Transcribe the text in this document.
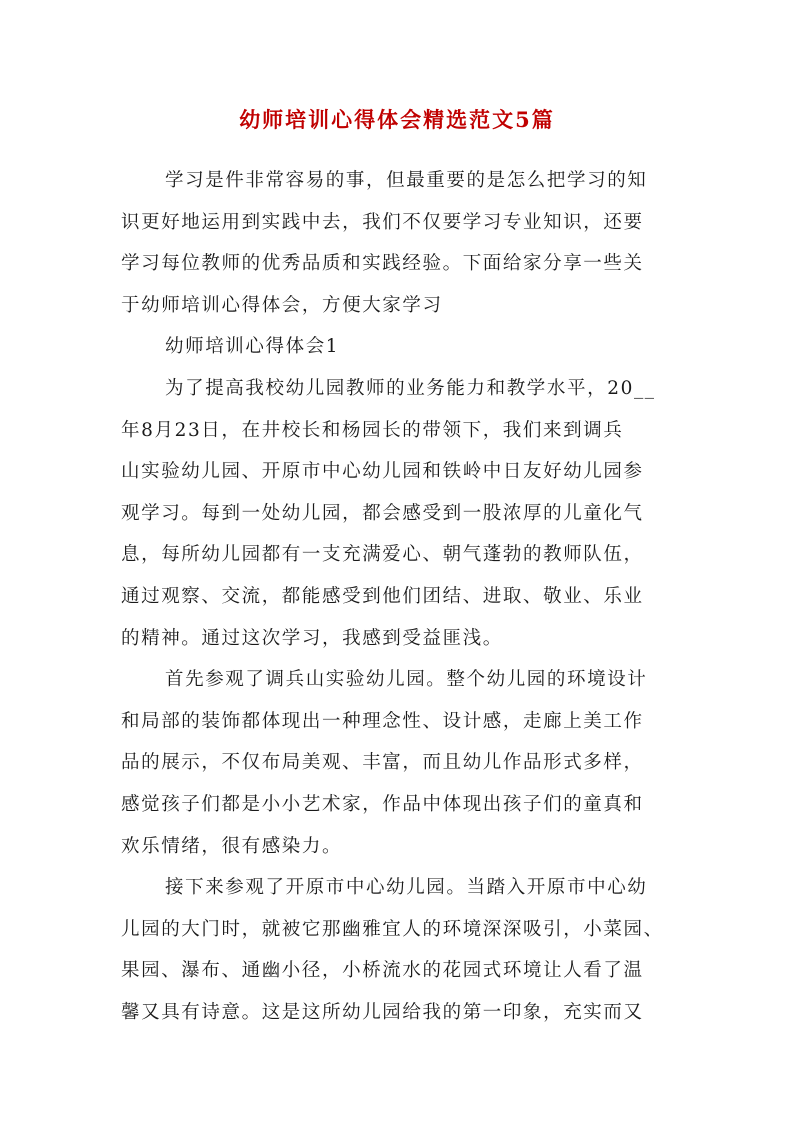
幼师培训心得体会精选范文5篇
学习是件非常容易的事，但最重要的是怎么把学习的知
识更好地运用到实践中去，我们不仅要学习专业知识，还要
学习每位教师的优秀品质和实践经验。下面给家分享一些关
于幼师培训心得体会，方便大家学习
幼师培训心得体会1
为了提高我校幼儿园教师的业务能力和教学水平，20__
年8月23日，在井校长和杨园长的带领下，我们来到调兵
山实验幼儿园、开原市中心幼儿园和铁岭中日友好幼儿园参
观学习。每到一处幼儿园，都会感受到一股浓厚的儿童化气
息，每所幼儿园都有一支充满爱心、朝气蓬勃的教师队伍，
通过观察、交流，都能感受到他们团结、进取、敬业、乐业
的精神。通过这次学习，我感到受益匪浅。
首先参观了调兵山实验幼儿园。整个幼儿园的环境设计
和局部的装饰都体现出一种理念性、设计感，走廊上美工作
品的展示，不仅布局美观、丰富，而且幼儿作品形式多样，
感觉孩子们都是小小艺术家，作品中体现出孩子们的童真和
欢乐情绪，很有感染力。
接下来参观了开原市中心幼儿园。当踏入开原市中心幼
儿园的大门时，就被它那幽雅宜人的环境深深吸引，小菜园、
果园、瀑布、通幽小径，小桥流水的花园式环境让人看了温
馨又具有诗意。这是这所幼儿园给我的第一印象，充实而又
